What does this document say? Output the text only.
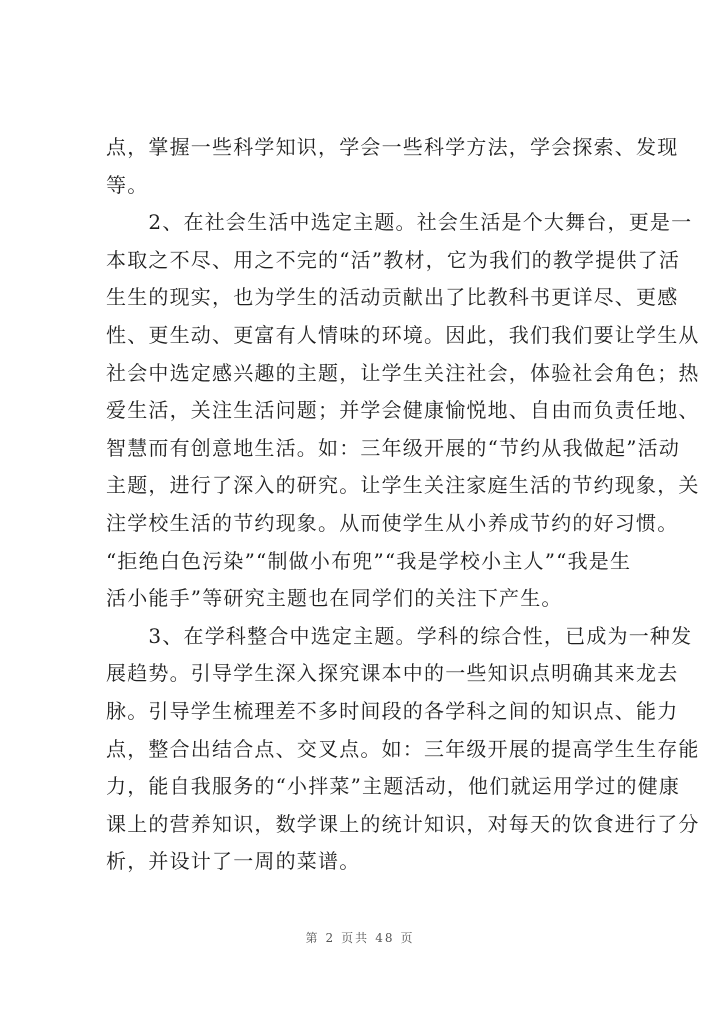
点，掌握一些科学知识，学会一些科学方法，学会探索、发现
等。
　　2、在社会生活中选定主题。社会生活是个大舞台，更是一
本取之不尽、用之不完的“活”教材，它为我们的教学提供了活
生生的现实，也为学生的活动贡献出了比教科书更详尽、更感
性、更生动、更富有人情味的环境。因此，我们我们要让学生从
社会中选定感兴趣的主题，让学生关注社会，体验社会角色；热
爱生活，关注生活问题；并学会健康愉悦地、自由而负责任地、
智慧而有创意地生活。如：三年级开展的“节约从我做起”活动
主题，进行了深入的研究。让学生关注家庭生活的节约现象，关
注学校生活的节约现象。从而使学生从小养成节约的好习惯。
“拒绝白色污染”“制做小布兜”“我是学校小主人”“我是生
活小能手”等研究主题也在同学们的关注下产生。
　　3、在学科整合中选定主题。学科的综合性，已成为一种发
展趋势。引导学生深入探究课本中的一些知识点明确其来龙去
脉。引导学生梳理差不多时间段的各学科之间的知识点、能力
点，整合出结合点、交叉点。如：三年级开展的提高学生生存能
力，能自我服务的“小拌菜”主题活动，他们就运用学过的健康
课上的营养知识，数学课上的统计知识，对每天的饮食进行了分
析，并设计了一周的菜谱。
第 2 页共 48 页
